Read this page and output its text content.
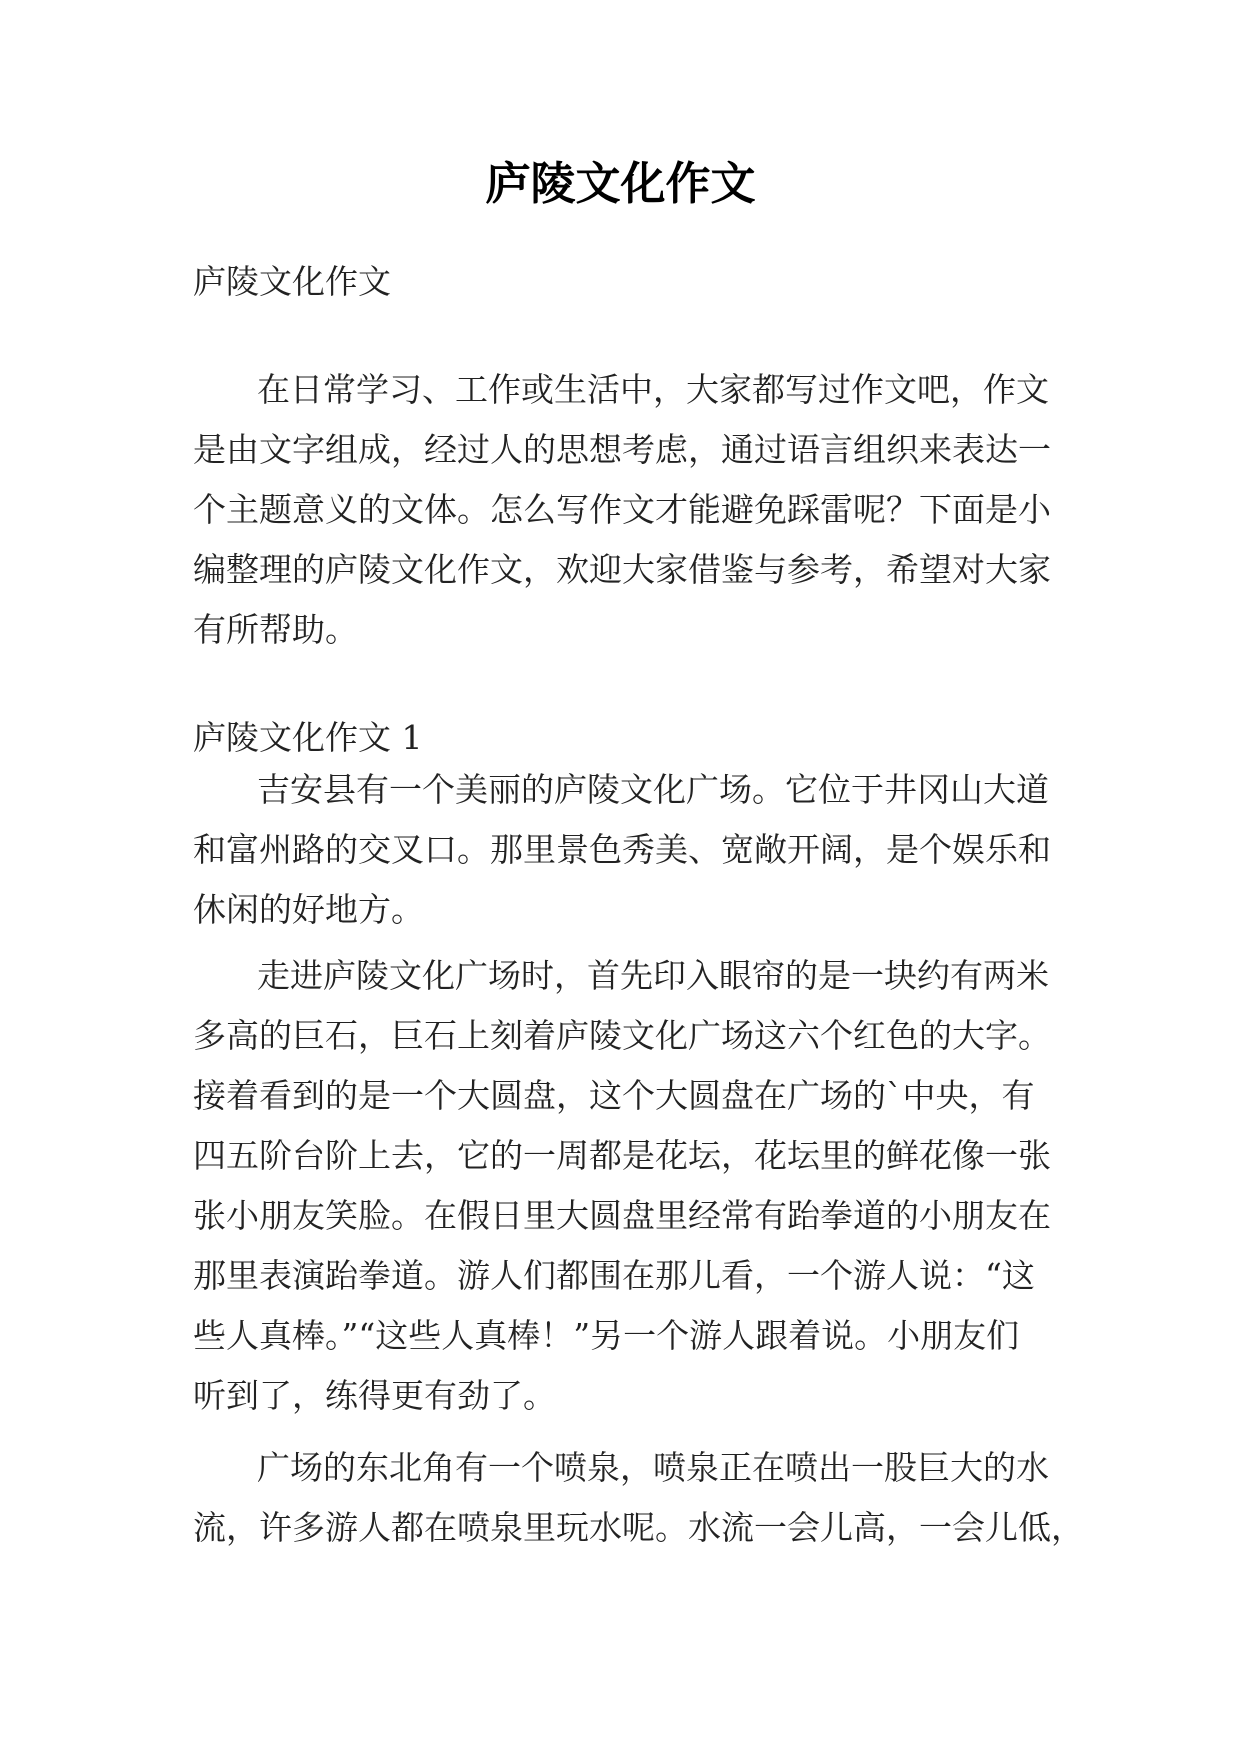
庐陵文化作文
庐陵文化作文
在日常学习、工作或生活中，大家都写过作文吧，作文
是由文字组成，经过人的思想考虑，通过语言组织来表达一
个主题意义的文体。怎么写作文才能避免踩雷呢？下面是小
编整理的庐陵文化作文，欢迎大家借鉴与参考，希望对大家
有所帮助。
庐陵文化作文 1
吉安县有一个美丽的庐陵文化广场。它位于井冈山大道
和富州路的交叉口。那里景色秀美、宽敞开阔，是个娱乐和
休闲的好地方。
走进庐陵文化广场时，首先印入眼帘的是一块约有两米
多高的巨石，巨石上刻着庐陵文化广场这六个红色的大字。
接着看到的是一个大圆盘，这个大圆盘在广场的`中央，有
四五阶台阶上去，它的一周都是花坛，花坛里的鲜花像一张
张小朋友笑脸。在假日里大圆盘里经常有跆拳道的小朋友在
那里表演跆拳道。游人们都围在那儿看，一个游人说：“这
些人真棒。”“这些人真棒！”另一个游人跟着说。小朋友们
听到了，练得更有劲了。
广场的东北角有一个喷泉，喷泉正在喷出一股巨大的水
流，许多游人都在喷泉里玩水呢。水流一会儿高，一会儿低，
